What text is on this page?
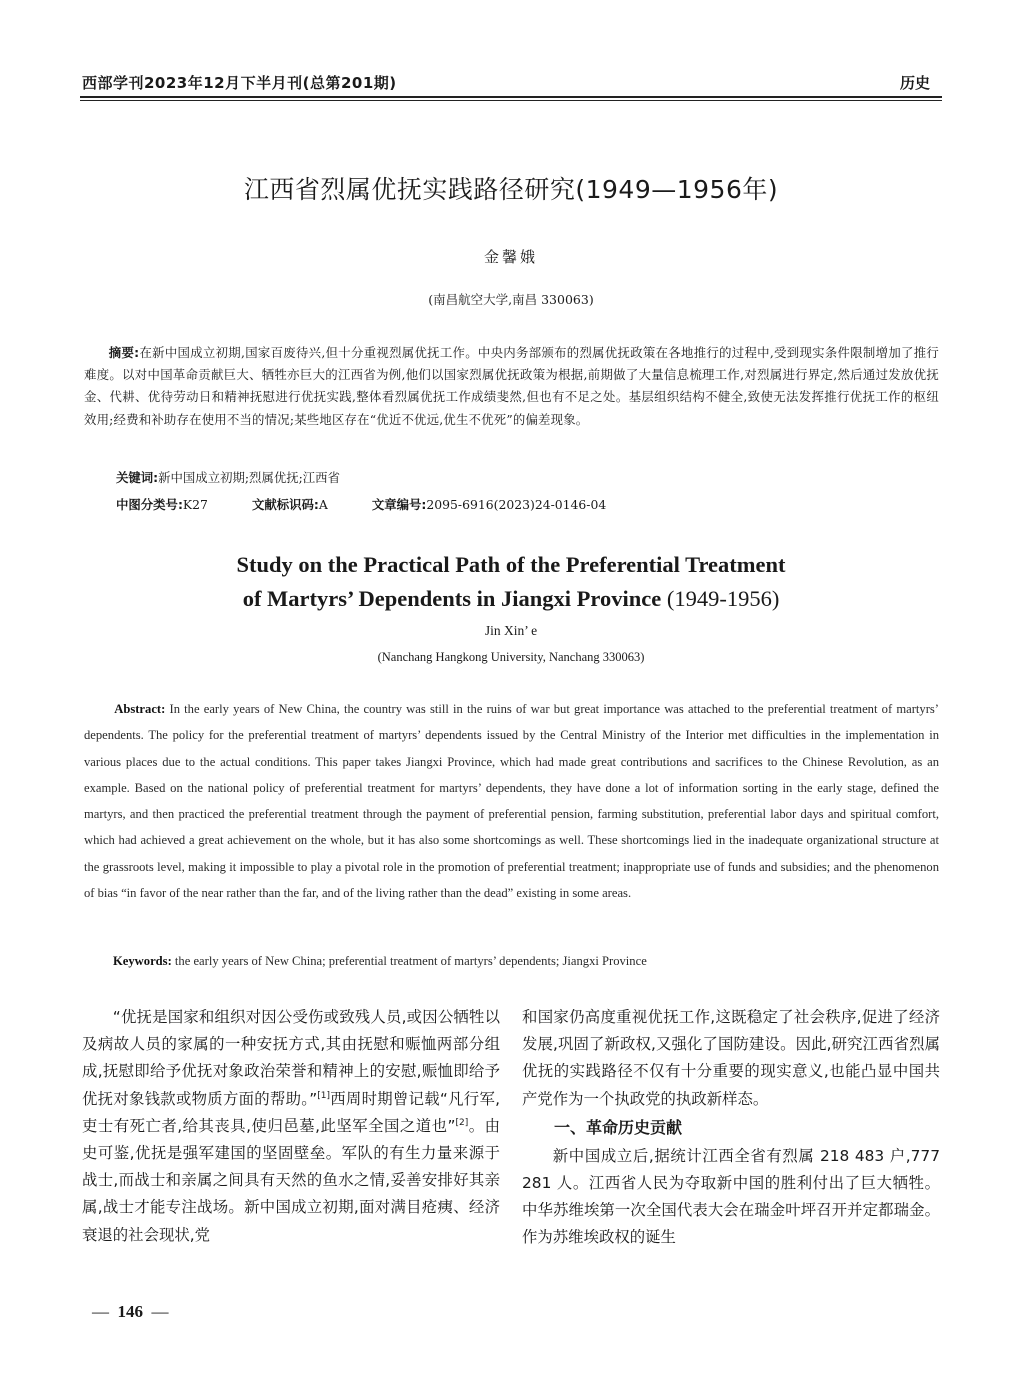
西部学刊2023年12月下半月刊(总第201期)	历史
江西省烈属优抚实践路径研究(1949—1956年)
金馨娥
(南昌航空大学,南昌 330063)
摘要:在新中国成立初期,国家百废待兴,但十分重视烈属优抚工作。中央内务部颁布的烈属优抚政策在各地推行的过程中,受到现实条件限制增加了推行难度。以对中国革命贡献巨大、牺牲亦巨大的江西省为例,他们以国家烈属优抚政策为根据,前期做了大量信息梳理工作,对烈属进行界定,然后通过发放优抚金、代耕、优待劳动日和精神抚慰进行优抚实践,整体看烈属优抚工作成绩斐然,但也有不足之处。基层组织结构不健全,致使无法发挥推行优抚工作的枢纽效用;经费和补助存在使用不当的情况;某些地区存在“优近不优远,优生不优死”的偏差现象。
关键词:新中国成立初期;烈属优抚;江西省
中图分类号:K27	文献标识码:A	文章编号:2095-6916(2023)24-0146-04
Study on the Practical Path of the Preferential Treatment
of Martyrs’ Dependents in Jiangxi Province (1949-1956)
Jin Xin’ e
(Nanchang Hangkong University, Nanchang 330063)
Abstract: In the early years of New China, the country was still in the ruins of war but great importance was attached to the preferential treatment of martyrs’ dependents. The policy for the preferential treatment of martyrs’ dependents issued by the Central Ministry of the Interior met difficulties in the implementation in various places due to the actual conditions. This paper takes Jiangxi Province, which had made great contributions and sacrifices to the Chinese Revolution, as an example. Based on the national policy of preferential treatment for martyrs’ dependents, they have done a lot of information sorting in the early stage, defined the martyrs, and then practiced the preferential treatment through the payment of preferential pension, farming substitution, preferential labor days and spiritual comfort, which had achieved a great achievement on the whole, but it has also some shortcomings as well. These shortcomings lied in the inadequate organizational structure at the grassroots level, making it impossible to play a pivotal role in the promotion of preferential treatment; inappropriate use of funds and subsidies; and the phenomenon of bias “in favor of the near rather than the far, and of the living rather than the dead” existing in some areas.
Keywords: the early years of New China; preferential treatment of martyrs’ dependents; Jiangxi Province

“优抚是国家和组织对因公受伤或致残人员,或因公牺牲以及病故人员的家属的一种安抚方式,其由抚慰和赈恤两部分组成,抚慰即给予优抚对象政治荣誉和精神上的安慰,赈恤即给予优抚对象钱款或物质方面的帮助。”[1]西周时期曾记载“凡行军,吏士有死亡者,给其丧具,使归邑墓,此坚军全国之道也”[2]。由史可鉴,优抚是强军建国的坚固壁垒。军队的有生力量来源于战士,而战士和亲属之间具有天然的鱼水之情,妥善安排好其亲属,战士才能专注战场。新中国成立初期,面对满目疮痍、经济衰退的社会现状,党

和国家仍高度重视优抚工作,这既稳定了社会秩序,促进了经济发展,巩固了新政权,又强化了国防建设。因此,研究江西省烈属优抚的实践路径不仅有十分重要的现实意义,也能凸显中国共产党作为一个执政党的执政新样态。

一、革命历史贡献

新中国成立后,据统计江西全省有烈属 218 483 户,777 281 人。江西省人民为夺取新中国的胜利付出了巨大牺牲。中华苏维埃第一次全国代表大会在瑞金叶坪召开并定都瑞金。作为苏维埃政权的诞生

— 146 —
